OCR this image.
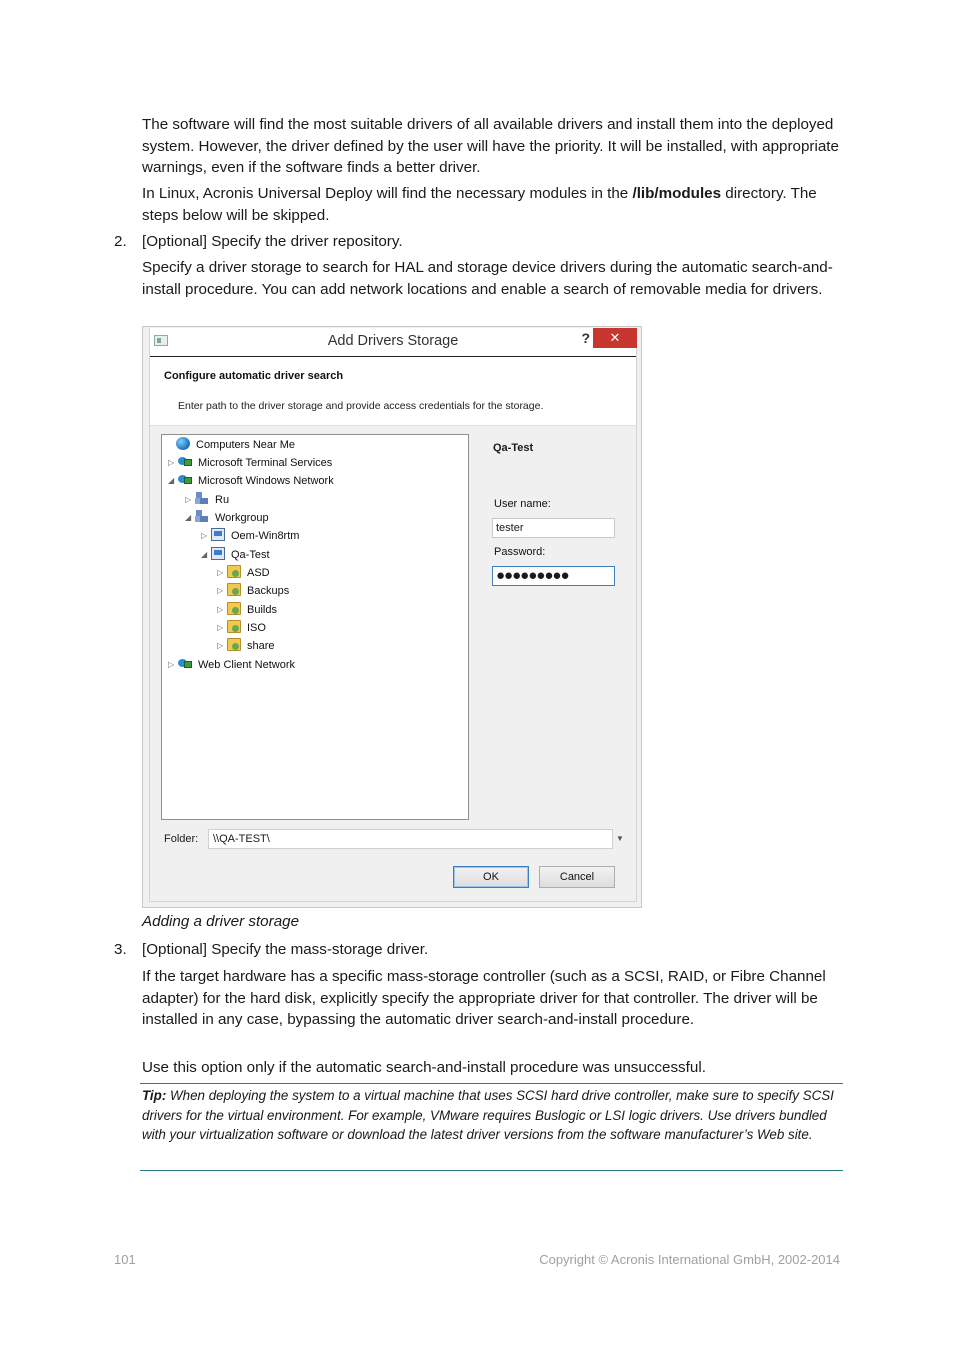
The software will find the most suitable drivers of all available drivers and install them into the deployed system. However, the driver defined by the user will have the priority. It will be installed, with appropriate warnings, even if the software finds a better driver.

In Linux, Acronis Universal Deploy will find the necessary modules in the /lib/modules directory. The steps below will be skipped.

2. [Optional] Specify the driver repository.

Specify a driver storage to search for HAL and storage device drivers during the automatic search-and-install procedure. You can add network locations and enable a search of removable media for drivers.

Add Drivers Storage	?	✕
Configure automatic driver search
Enter path to the driver storage and provide access credentials for the storage.
Computers Near Me
▷ Microsoft Terminal Services
◢ Microsoft Windows Network
▷ Ru
◢ Workgroup
▷ Oem-Win8rtm
◢ Qa-Test
▷ ASD
▷ Backups
▷ Builds
▷ ISO
▷ share
▷ Web Client Network
Qa-Test
User name:
tester
Password:
●●●●●●●●●
Folder:	\\QA-TEST\	▼
OK	Cancel
Adding a driver storage
3. [Optional] Specify the mass-storage driver.

If the target hardware has a specific mass-storage controller (such as a SCSI, RAID, or Fibre Channel adapter) for the hard disk, explicitly specify the appropriate driver for that controller. The driver will be installed in any case, bypassing the automatic driver search-and-install procedure.

Use this option only if the automatic search-and-install procedure was unsuccessful.

Tip: When deploying the system to a virtual machine that uses SCSI hard drive controller, make sure to specify SCSI drivers for the virtual environment. For example, VMware requires Buslogic or LSI logic drivers. Use drivers bundled with your virtualization software or download the latest driver versions from the software manufacturer’s Web site.

101	Copyright © Acronis International GmbH, 2002-2014
